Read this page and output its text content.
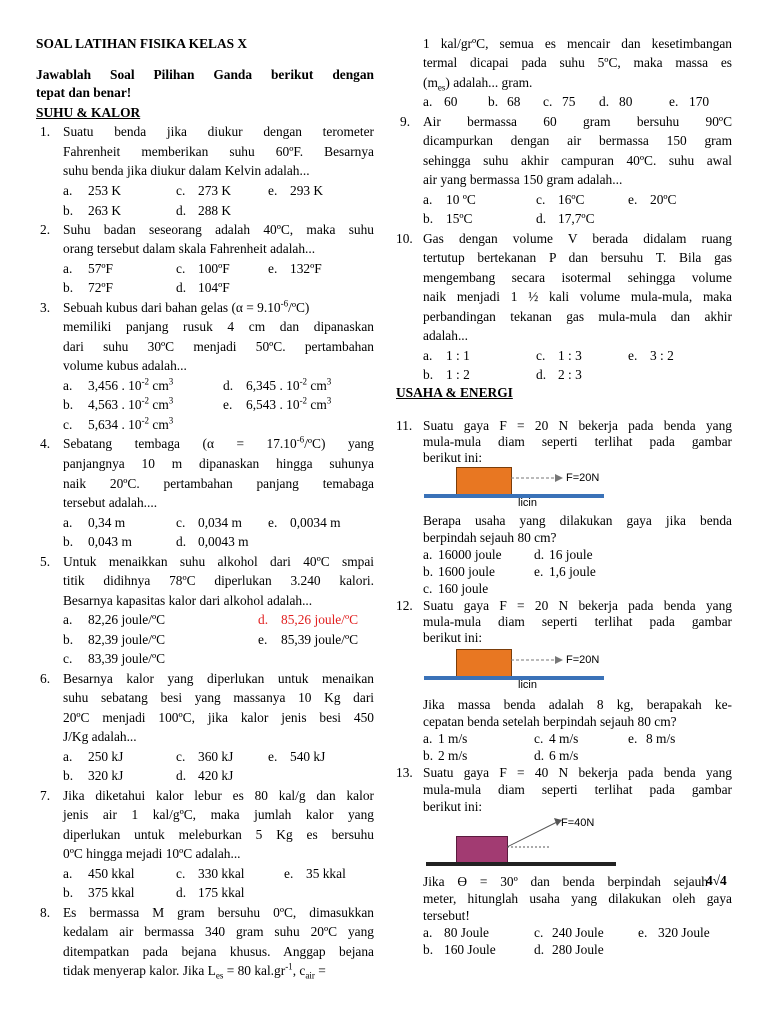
SOAL LATIHAN FISIKA KELAS X
Jawablah Soal Pilihan Ganda berikut dengan
tepat dan benar!
SUHU & KALOR
1. Suatu benda jika diukur dengan terometer
Fahrenheit memberikan suhu 60ºF. Besarnya
suhu benda jika diukur dalam Kelvin adalah...
a. 253 K	c. 273 K	e. 293 K
b. 263 K	d. 288 K
2. Suhu badan seseorang adalah 40ºC, maka suhu
orang tersebut dalam skala Fahrenheit adalah...
a. 57ºF	c. 100ºF	e. 132ºF
b. 72ºF	d. 104ºF
3. Sebuah kubus dari bahan gelas $(\alpha = 9.10^{-6}/ºC)$
memiliki panjang rusuk 4 cm dan dipanaskan
dari suhu 30ºC menjadi 50ºC. pertambahan
volume kubus adalah...
a. 3,456 . $10^{-2}$ $cm^3$	d. 6,345 . $10^{-2}$ $cm^3$
b. 4,563 . $10^{-2}$ $cm^3$	e. 6,543 . $10^{-2}$ $cm^3$
c. 5,634 . $10^{-2}$ $cm^3$
4. Sebatang tembaga $(\alpha = 17.10^{-6}/ºC)$ yang
panjangnya 10 m dipanaskan hingga suhunya
naik 20ºC. pertambahan panjang temabaga
tersebut adalah....
a. 0,34 m	c. 0,034 m e. 0,0034 m
b. 0,043 m	d. 0,0043 m
5. Untuk menaikkan suhu alkohol dari 40ºC smpai
titik didihnya 78ºC diperlukan 3.240 kalori.
Besarnya kapasitas kalor dari alkohol adalah...
a. 82,26 joule/ºC	d. 85,26 joule/ºC
b. 82,39 joule/ºC	e. 85,39 joule/ºC
c. 83,39 joule/ºC
6. Besarnya kalor yang diperlukan untuk menaikan
suhu sebatang besi yang massanya 10 Kg dari
20ºC menjadi 100ºC, jika kalor jenis besi 450
J/Kg adalah...
a. 250 kJ	c. 360 kJ	e. 540 kJ
b. 320 kJ	d. 420 kJ
7. Jika diketahui kalor lebur es 80 kal/g dan kalor
jenis air 1 kal/gºC, maka jumlah kalor yang
diperlukan untuk meleburkan 5 Kg es bersuhu
0ºC hingga mejadi 10ºC adalah...
a. 450 kkal	c. 330 kkal	e. 35 kkal
b. 375 kkal	d. 175 kkal
8. Es bermassa M gram bersuhu 0ºC, dimasukkan
kedalam air bermassa 340 gram suhu 20ºC yang
ditempatkan pada bejana khusus. Anggap bejana
tidak menyerap kalor. Jika $L_{es} = 80$ $kal.gr^{-1}$, $c_{air}$ =
1 kal/grºC, semua es mencair dan kesetimbangan
termal dicapai pada suhu 5ºC, maka massa es
$(m_{es})$ adalah... gram.
a. 60 b. 68 c. 75 d. 80	e. 170
9. Air bermassa 60 gram bersuhu 90ºC
dicampurkan dengan air bermassa 150 gram
sehingga suhu akhir campuran 40ºC. suhu awal
air yang bermassa 150 gram adalah...
a. 10 ºC	c. 16ºC	e. 20ºC
b. 15ºC	d. 17,7ºC
10. Gas dengan volume V berada didalam ruang
tertutup bertekanan P dan bersuhu T. Bila gas
mengembang secara isotermal sehingga volume
naik menjadi 1 ½ kali volume mula-mula, maka
perbandingan tekanan gas mula-mula dan akhir
adalah...
a. 1 : 1	c. 1 : 3	e. 3 : 2
b. 1 : 2	d. 2 : 3
USAHA & ENERGI
11. Suatu gaya F = 20 N bekerja pada benda yang
mula-mula diam seperti terlihat pada gambar
berikut ini:
F=20N
licin
Berapa usaha yang dilakukan gaya jika benda
berpindah sejauh 80 cm?
a. 16000 joule d. 16 joule
b. 1600 joule	e. 1,6 joule
c. 160 joule
12. Suatu gaya F = 20 N bekerja pada benda yang
mula-mula diam seperti terlihat pada gambar
berikut ini:
F=20N
licin
Jika massa benda adalah 8 kg, berapakah ke-
cepatan benda setelah berpindah sejauh 80 cm?
a. 1 m/s	c. 4 m/s	e. 8 m/s
b. 2 m/s	d. 6 m/s
13. Suatu gaya F = 40 N bekerja pada benda yang
mula-mula diam seperti terlihat pada gambar
berikut ini:
F=40N
Jika ϴ = 30º dan benda berpindah sejauh
4√4
meter, hitunglah usaha yang dilakukan oleh gaya
tersebut!
a. 80 Joule	c. 240 Joule	e. 320 Joule
b. 160 Joule	d. 280 Joule
